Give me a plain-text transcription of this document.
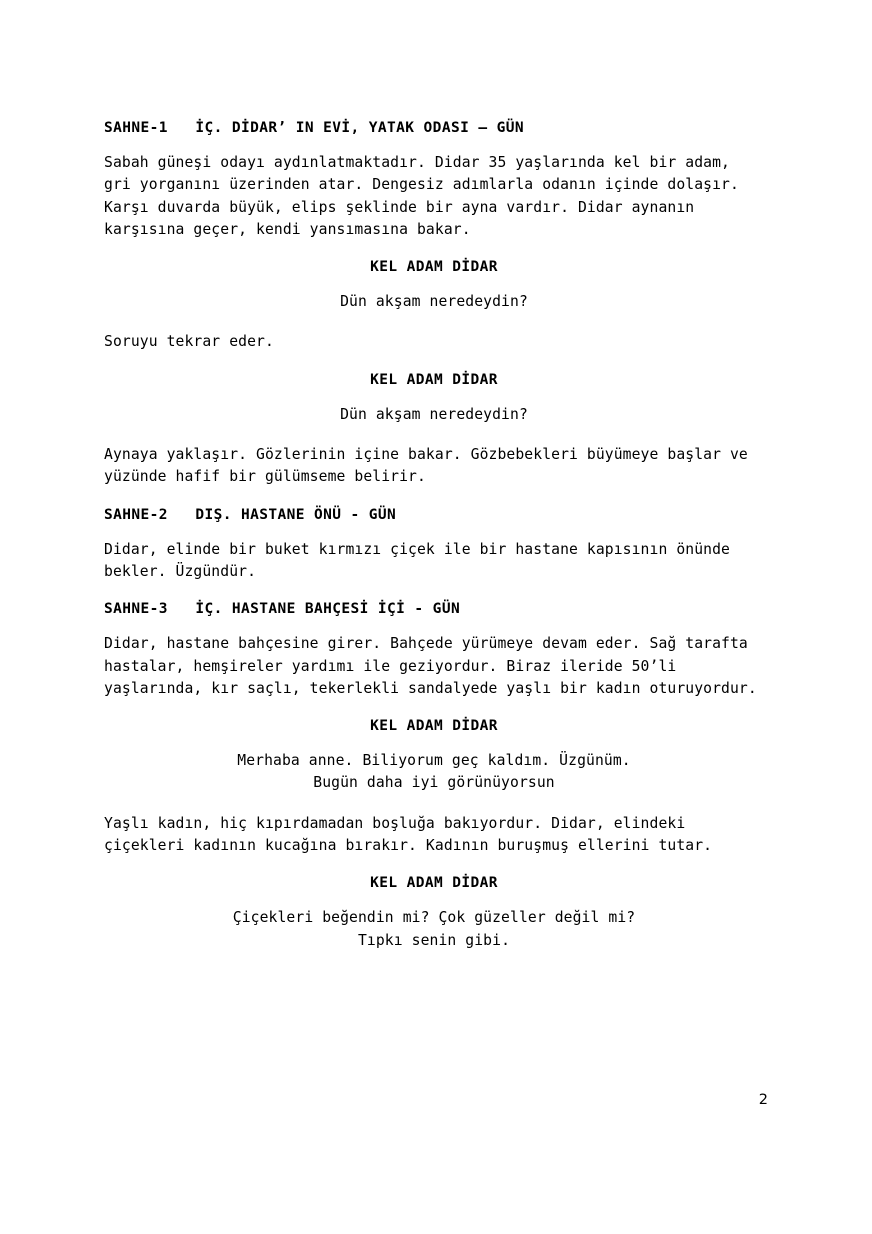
SAHNE-1 İÇ. DİDAR’ IN EVİ, YATAK ODASI — GÜN
Sabah güneşi odayı aydınlatmaktadır. Didar 35 yaşlarında kel bir adam, gri yorganını üzerinden atar. Dengesiz adımlarla odanın içinde dolaşır. Karşı duvarda büyük, elips şeklinde bir ayna vardır. Didar aynanın karşısına geçer, kendi yansımasına bakar.
KEL ADAM DİDAR
Dün akşam neredeydin?
Soruyu tekrar eder.
KEL ADAM DİDAR
Dün akşam neredeydin?
Aynaya yaklaşır. Gözlerinin içine bakar. Gözbebekleri büyümeye başlar ve yüzünde hafif bir gülümseme belirir.
SAHNE-2 DIŞ. HASTANE ÖNÜ - GÜN
Didar, elinde bir buket kırmızı çiçek ile bir hastane kapısının önünde bekler. Üzgündür.
SAHNE-3 İÇ. HASTANE BAHÇESİ İÇİ - GÜN
Didar, hastane bahçesine girer. Bahçede yürümeye devam eder. Sağ tarafta hastalar, hemşireler yardımı ile geziyordur. Biraz ileride 50’li yaşlarında, kır saçlı, tekerlekli sandalyede yaşlı bir kadın oturuyordur.
KEL ADAM DİDAR
Merhaba anne. Biliyorum geç kaldım. Üzgünüm. Bugün daha iyi görünüyorsun
Yaşlı kadın, hiç kıpırdamadan boşluğa bakıyordur. Didar, elindeki çiçekleri kadının kucağına bırakır. Kadının buruşmuş ellerini tutar.
KEL ADAM DİDAR
Çiçekleri beğendin mi? Çok güzeller değil mi? Tıpkı senin gibi.
2
